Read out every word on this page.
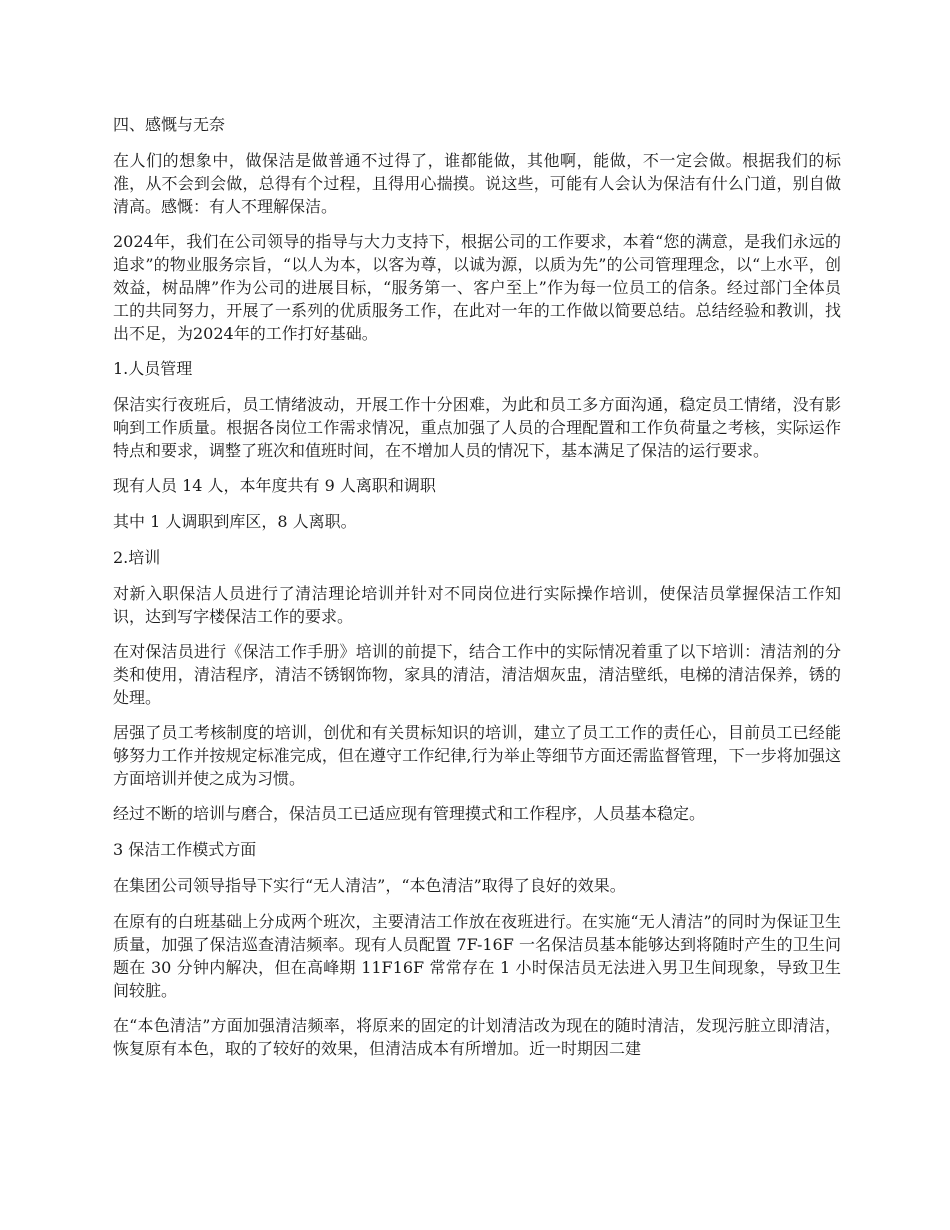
四、感慨与无奈

在人们的想象中，做保洁是做普通不过得了，谁都能做，其他啊，能做，不一定会做。根据我们的标准，从不会到会做，总得有个过程，且得用心揣摸。说这些，可能有人会认为保洁有什么门道，别自做清高。感慨：有人不理解保洁。

2024年，我们在公司领导的指导与大力支持下，根据公司的工作要求，本着“您的满意，是我们永远的追求”的物业服务宗旨，“以人为本，以客为尊，以诚为源，以质为先”的公司管理理念，以“上水平，创效益，树品牌”作为公司的进展目标，“服务第一、客户至上”作为每一位员工的信条。经过部门全体员工的共同努力，开展了一系列的优质服务工作，在此对一年的工作做以简要总结。总结经验和教训，找出不足，为2024年的工作打好基础。

1.人员管理

保洁实行夜班后，员工情绪波动，开展工作十分困难，为此和员工多方面沟通，稳定员工情绪，没有影响到工作质量。根据各岗位工作需求情况，重点加强了人员的合理配置和工作负荷量之考核，实际运作特点和要求，调整了班次和值班时间，在不增加人员的情况下，基本满足了保洁的运行要求。

现有人员 14 人，本年度共有 9 人离职和调职

其中 1 人调职到库区，8 人离职。

2.培训

对新入职保洁人员进行了清洁理论培训并针对不同岗位进行实际操作培训，使保洁员掌握保洁工作知识，达到写字楼保洁工作的要求。

在对保洁员进行《保洁工作手册》培训的前提下，结合工作中的实际情况着重了以下培训：清洁剂的分类和使用，清洁程序，清洁不锈钢饰物，家具的清洁，清洁烟灰盅，清洁壁纸，电梯的清洁保养，锈的处理。

居强了员工考核制度的培训，创优和有关贯标知识的培训，建立了员工工作的责任心，目前员工已经能够努力工作并按规定标准完成，但在遵守工作纪律,行为举止等细节方面还需监督管理，下一步将加强这方面培训并使之成为习惯。

经过不断的培训与磨合，保洁员工已适应现有管理摸式和工作程序，人员基本稳定。

3 保洁工作模式方面

在集团公司领导指导下实行“无人清洁”，“本色清洁”取得了良好的效果。

在原有的白班基础上分成两个班次，主要清洁工作放在夜班进行。在实施“无人清洁”的同时为保证卫生质量，加强了保洁巡查清洁频率。现有人员配置 7F-16F 一名保洁员基本能够达到将随时产生的卫生问题在 30 分钟内解决，但在高峰期 11F16F 常常存在 1 小时保洁员无法进入男卫生间现象，导致卫生间较脏。

在“本色清洁”方面加强清洁频率，将原来的固定的计划清洁改为现在的随时清洁，发现污脏立即清洁，恢复原有本色，取的了较好的效果，但清洁成本有所增加。近一时期因二建
